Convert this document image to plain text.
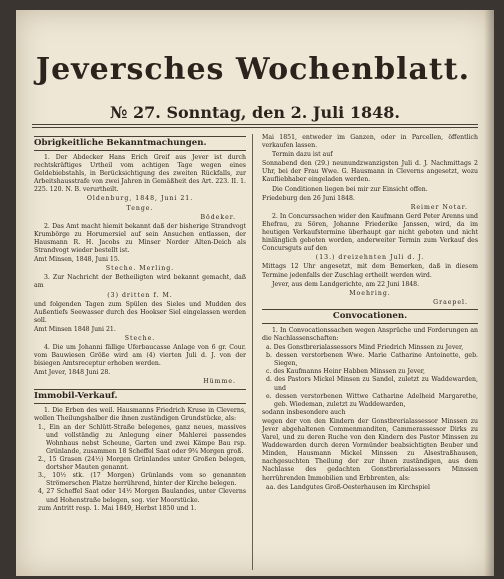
Jeversches Wochenblatt.
№ 27. Sonntag, den 2. Juli 1848.
Obrigkeitliche Bekanntmachungen.

1. Der Abdecker Hans Erich Greif aus Jever ist durch rechtskräftiges Urtheil vom achtigen Tage wegen eines Geldebiebstahls, in Berücksichtigung des zweiten Rückfalls, zur Arbeitshausstrafe von zwei Jahren in Gemäßheit des Art. 223. II. 1. 225. 120. N. B. verurtheilt.

Oldenburg, 1848, Juni 21.

Tenge.

Bödeker.

2. Das Amt macht hiemit bekannt daß der bisherige Strandvogt Krumbörge zu Horumersiel auf sein Ansuchen entlassen, der Hausmann R. H. Jacobs zu Minser Norder Alten-Deich als Strandvogt wieder bestellt ist.

Amt Minsen, 1848, Juni 15.

Steche. Merling.

3. Zur Nachricht der Betheiligten wird bekannt gemacht, daß am

(3) dritten f. M.

und folgenden Tagen zum Spülen des Sieles und Mudden des Außentiefs Seewasser durch des Hookser Siel eingelassen werden soll.

Amt Minsen 1848 Juni 21.

Steche.

4. Die um Johanni fällige Uferbaucasse Anlage von 6 gr. Cour. vom Bauwiesen Größe wird am (4) vierten Juli d. J. von der bisiegen Amtsreceptur erhoben werden.

Amt Jever, 1848 Juni 28.

Hümme.

Immobil-Verkauf.

1. Die Erben des weil. Hausmanns Friedrich Kruse in Cleverns, wollen Theilungshalber die ihnen zuständigen Grundstücke, als:

1., Ein an der Schlütt-Straße belegenes, ganz neues, massives und vollständig zu Anlegung einer Mahlerei passendes Wohnhaus nebst Scheune, Garten und zwei Kämpe Bau rsp. Grünlande, zusammen 18 Scheffel Saat oder 9¾ Morgen groß.

2., 15 Grasen (24½) Morgen Grünlandes unter Großen belegen, dortsher Mauten genannt.

3., 10½ stk. (17 Morgen) Grünlands vom so genannten Strömerschen Platze herrührend, hinter der Kirche belegen.

4, 27 Scheffel Saat oder 14½ Morgen Baulandes, unter Cleverns und Hohenstraße belegen, sog. vier Moorstücke.

zum Antritt resp. 1. Mai 1849, Herbst 1850 und 1.

Mai 1851, entweder im Ganzen, oder in Parcellen, öffentlich verkaufen lassen.

Termin dazu ist auf

Sonnabend den (29.) neunundzwanzigsten Juli d. J. Nachmittags 2 Uhr, bei der Frau Wwe. G. Hausmann in Cleverns angesetzt, wozu Kaufliebhaber eingeladen werden.

Die Conditionen liegen bei mir zur Einsicht offen.

Friedeburg den 26 Juni 1848.

Reimer Notar.

2. In Concurssachen wider den Kaufmann Gerd Peter Arenns und Ehefrau, zu Sören, Johanne Friederike Janssen, wird, da im heutigen Verkaufstermine überhaupt gar nicht geboten und nicht hinlänglich geboten worden, anderweiter Termin zum Verkauf des Concursguts auf den

(13.) dreizehnten Juli d. J.

Mittags 12 Uhr angesetzt, mit dem Bemerken, daß in diesem Termine jedenfalls der Zuschlag ertheilt werden wird.

Jever, aus dem Landgerichte, am 22 Juni 1848.

Moehring.

Graepel.

Convocationen.

1. In Convocationssachen wegen Ansprüche und Forderungen an die Nachlassenschaften:

a. Des Gonstbrerialassessors Mind Friedrich Minssen zu Jever,

b. dessen verstorbenen Wwe. Marie Catharine Antoinette, geb. Siegen,

c. des Kaufmanns Heinr Habben Minssen zu Jever,

d. des Pastors Mickel Minsen zu Sandel, zuletzt zu Waddewarden, und

e. dessen verstorbenen Wittwe Catharine Adelheid Margarethe, geb. Wiedeman, zuletzt zu Waddewarden,

sodann insbesondere auch

wegen der von den Kindern der Gonstbrerialassessor Minssen zu Jever abgehaltenen Commenmanditen, Cammerassessor Dirks zu Varel, und zu deren Ruche von den Kindern des Pastor Minssen zu Waddewarden durch deren Vormünder beabsichtigten Beuber und Minden, Hausmann Mickel Minssen zu Alsestraßhausen, nachgesuchten Theilung der zur ihnen zuständigen, aus dem Nachlasse des gedachten Gonstbrerialassessors Minssen herrührenden Immobilien und Erbbrenten, als:

aa. des Landgutes Groß-Oesterhausen im Kirchspiel
